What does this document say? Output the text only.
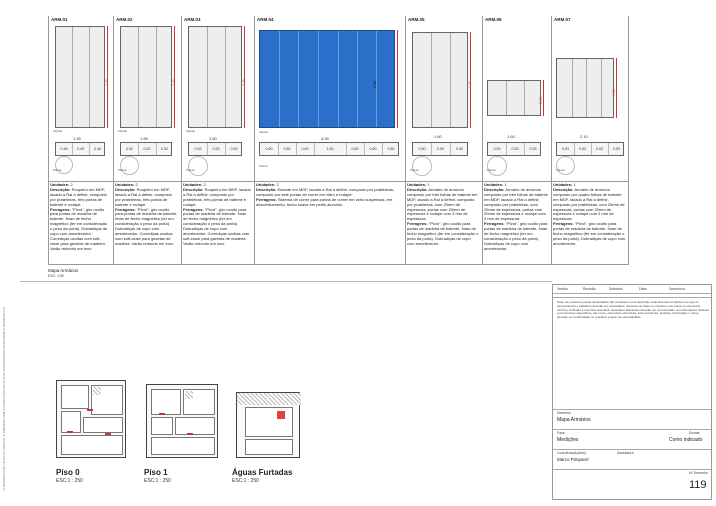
É REPRODUÇÃO TOTAL OU PARCIAL E PROIBIDA SEM AUTORIZAÇÃO DO AUTOR, PROPRIEDADE CONFORME O DECRETO-LEI
ARM.01
2.40
Alçado
1.45
0.48	0.49	0.48
Planta
ARM.02
2.40
Alçado
1.55
0.52	0.52	0.52
Planta
ARM.03
2.40
Alçado
1.60
0.53	0.53	0.53
Planta
ARM.04
2.40
Alçado
4.28
0.60	0.60	0.60	1.60	0.60	0.60	0.60
Planta
ARM.05
2.40
1.60
0.50	0.50	0.50
Planta
ARM.06
0.90
1.60
0.53	0.53	0.53
Planta
ARM.07
1.50
2.10
0.53	0.53	0.53	0.53
Planta
Unidades: 2
Descrição: Roupeiro em MDF, lacado a Ral a definir, composto por prateleiras, três portas de batente e rodapé.
Ferragens: "Pivot", giro oculto para portas de madeira de batente. Íman de fecho magnético (ter em consideração o peso da porta). Dobradiças de copo com amortecedor. Corrediças ocultas com soft-close para gavetas de madeira. Varão redondo em inox.
Unidades: 2
Descrição: Roupeiro em MDF, lacado a Ral a definir, composto por prateleiras, três portas de batente e rodapé.
Ferragens: "Pivot", giro oculto para portas de madeira de batente. Íman de fecho magnético (ter em consideração o peso da porta). Dobradiças de copo com amortecedor. Corrediças ocultas com soft-close para gavetas de madeira. Varão redondo em inox.
Unidades: 2
Descrição: Roupeiro em MDF, lacado a Ral a definir, composto por prateleiras, três portas de batente e rodapé.
Ferragens: "Pivot", giro oculto para portas de madeira de batente. Íman de fecho magnético (ter em consideração o peso da porta). Dobradiças de copo com amortecedor. Corrediças ocultas com soft-close para gavetas de madeira. Varão redondo em inox.
Unidades: 2
Descrição: Estante em MDF, lacado a Ral a definir, composto por prateleiras, composto por sete portas de correr em vidro e rodapé.
Ferragens: Sistema de correr para portas de correr em vidro suspensas, em descentramento, fecho suave em perfis alumínio.
Unidades: 1
Descrição: Armário de arrumos composto por três folhas de batente em MDF, lacado a Ral a definir, composto por prateleiras, com 25mm de espessura, portas com 20mm de espessura e rodapé com 3 mm de espessura.
Ferragens: "Pivot", giro oculto para portas de madeira de batente. Íman de fecho magnético (ter em consideração o peso da porta). Dobradiças de copo com amortecedor.
Unidades: 1
Descrição: Armário de arrumos composto por três folhas de batente em MDF, lacado a Ral a definir, composto por prateleiras, com 25mm de espessura, portas com 20mm de espessura e rodapé com 3 mm de espessura.
Ferragens: "Pivot", giro oculto para portas de madeira de batente. Íman de fecho magnético (ter em consideração o peso da porta). Dobradiças de copo com amortecedor.
Unidades: 1
Descrição: Armário de arrumos composto por quatro folhas de batente em MDF, lacado a Ral a definir, composto por prateleiras, com 25mm de espessura, portas com 20mm de espessura e rodapé com 3 mm de espessura.
Ferragens: "Pivot", giro oculto para portas de madeira de batente. Íman de fecho magnético (ter em consideração o peso da porta). Dobradiças de copo com amortecedor.
Mapa Armários
ESC: 1:50
Piso 0
ESC:1 : 250
Piso 1
ESC:1 : 250
Águas Furtadas
ESC:1 : 250
Versão	Revisão	Substitui	Data	Desenhou
Nota: As presentes peças desenhadas não constituem uma descrição exaustiva das condições em que os fornecimentos e trabalhos deverão ser executados, devendo ser lidas em conjunto com todos os elementos escritos, incluindo a memória descritiva. Quaisquer alterações deverão ser comunicadas. As informações relativas a pormenores específicos, tais como, elementos estruturais, infra-estruturas, acústica, iluminação e outros, deverão ser confirmadas no respetivo projeto de especialidade.
Desenho
Mapa Armários
Fase
Medições
Escala
Como indicado
Coordenação(ões)
Marco Pimparel
Assinatura
Nº Desenho
119
